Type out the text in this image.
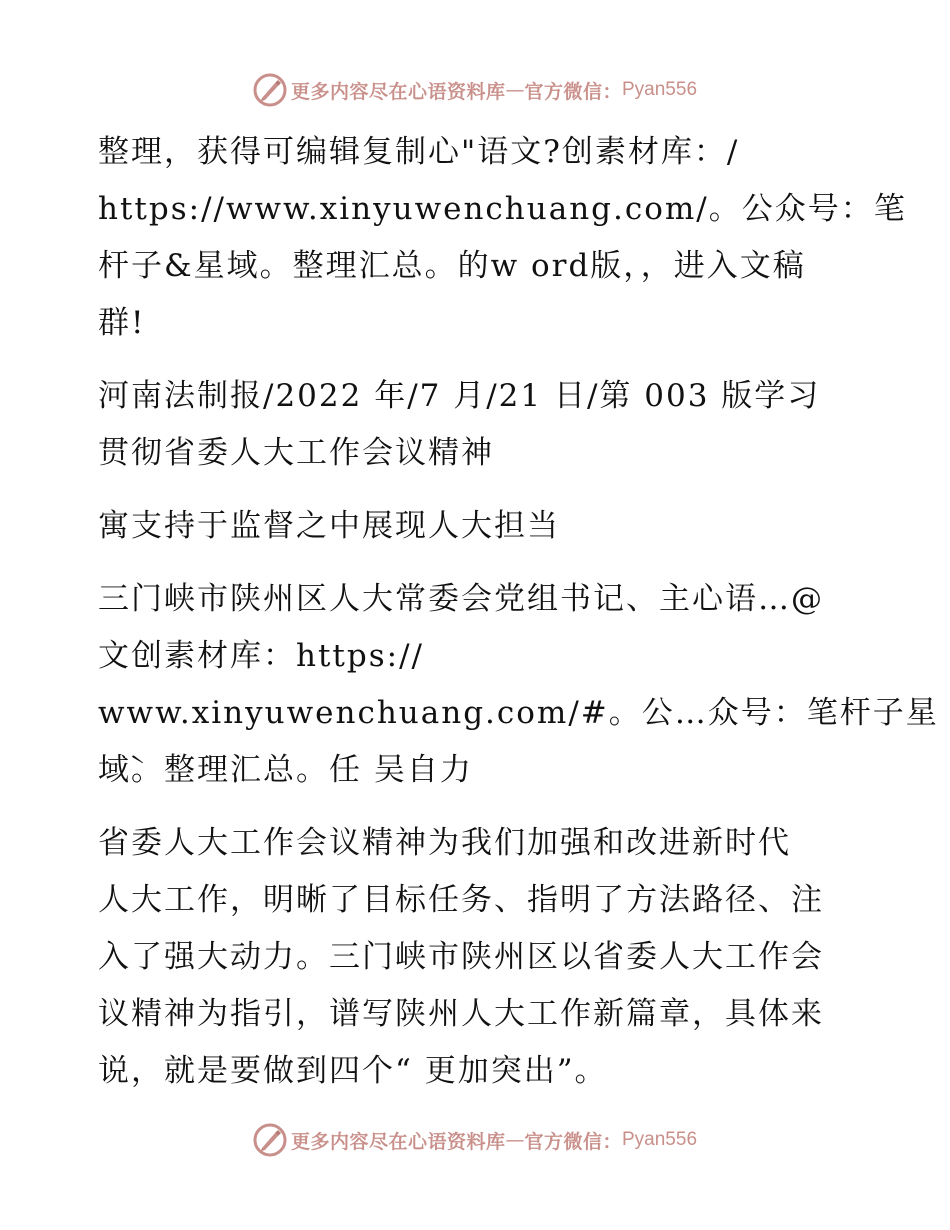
更多内容尽在心语资料库 — 官方微信： Pyan556
整理，获得可编辑复制心"语文?创素材库：/
https://www.xinyuwenchuang.com/。公众号：笔
杆子&星域。整理汇总。的w ord版，，进入文稿
群!
河南法制报/2022 年/7 月/21 日/第 003 版学习
贯彻省委人大工作会议精神
寓支持于监督之中展现人大担当
三门峡市陕州区人大常委会党组书记、主心语…@
文创素材库：https://
www.xinyuwenchuang.com/#。公…众号：笔杆子星
域̀。整理汇总。任 吴自力
省委人大工作会议精神为我们加强和改进新时代
人大工作，明晰了目标任务、指明了方法路径、注
入了强大动力。三门峡市陕州区以省委人大工作会
议精神为指引，谱写陕州人大工作新篇章，具体来
说，就是要做到四个“ 更加突出”。
更多内容尽在心语资料库 — 官方微信： Pyan556
